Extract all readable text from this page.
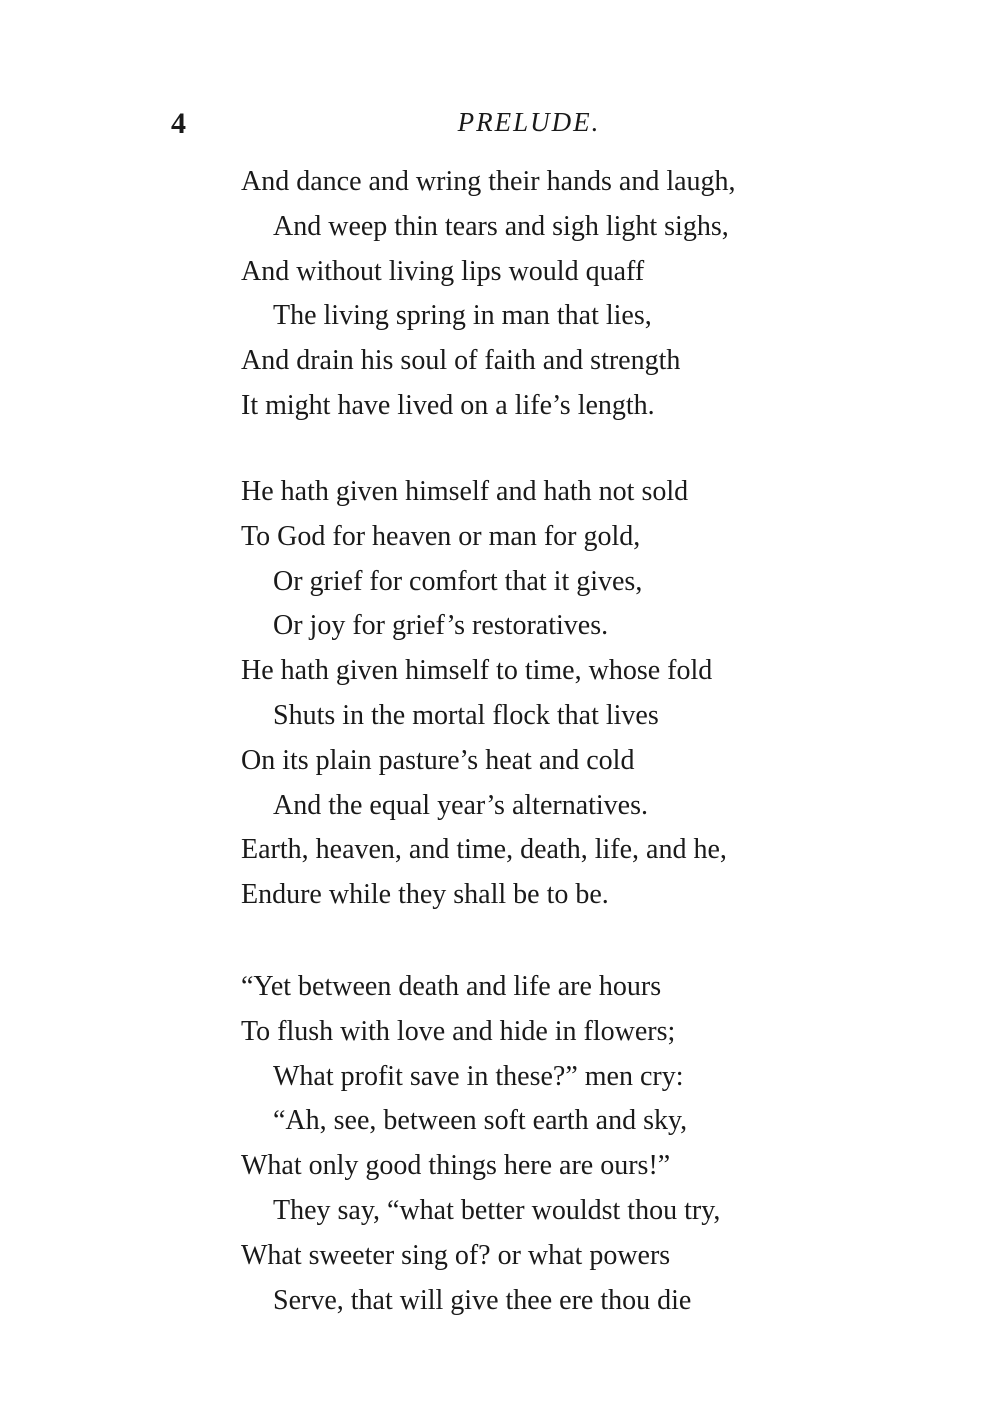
4	PRELUDE.
And dance and wring their hands and laugh,
And weep thin tears and sigh light sighs,
And without living lips would quaff
The living spring in man that lies,
And drain his soul of faith and strength
It might have lived on a life’s length.
He hath given himself and hath not sold
To God for heaven or man for gold,
Or grief for comfort that it gives,
Or joy for grief’s restoratives.
He hath given himself to time, whose fold
Shuts in the mortal flock that lives
On its plain pasture’s heat and cold
And the equal year’s alternatives.
Earth, heaven, and time, death, life, and he,
Endure while they shall be to be.
“Yet between death and life are hours
To flush with love and hide in flowers;
What profit save in these?” men cry:
“Ah, see, between soft earth and sky,
What only good things here are ours!”
They say, “what better wouldst thou try,
What sweeter sing of? or what powers
Serve, that will give thee ere thou die
